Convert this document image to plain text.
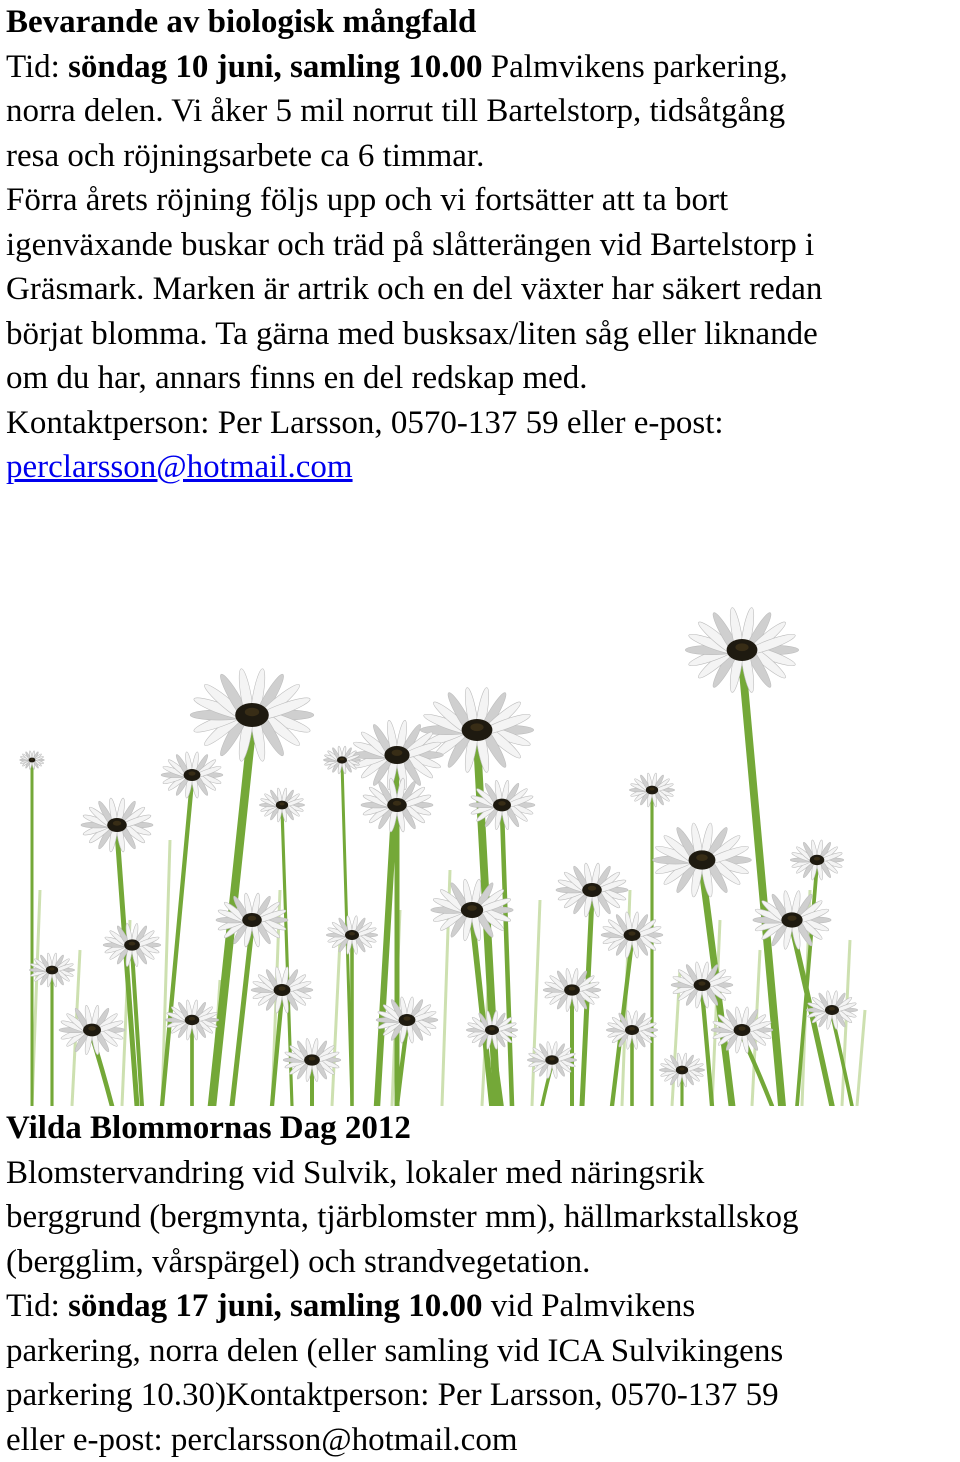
Bevarande av biologisk mångfald
Tid: söndag 10 juni, samling 10.00 Palmvikens parkering,
norra delen. Vi åker 5 mil norrut till Bartelstorp, tidsåtgång
resa och röjningsarbete ca 6 timmar.
Förra årets röjning följs upp och vi fortsätter att ta bort
igenväxande buskar och träd på slåtterängen vid Bartelstorp i
Gräsmark. Marken är artrik och en del växter har säkert redan
börjat blomma. Ta gärna med busksax/liten såg eller liknande
om du har, annars finns en del redskap med.
Kontaktperson: Per Larsson, 0570-137 59 eller e-post:
perclarsson@hotmail.com
Vilda Blommornas Dag 2012
Blomstervandring vid Sulvik, lokaler med näringsrik
berggrund (bergmynta, tjärblomster mm), hällmarkstallskog
(bergglim, vårspärgel) och strandvegetation.
Tid: söndag 17 juni, samling 10.00 vid Palmvikens
parkering, norra delen (eller samling vid ICA Sulvikingens
parkering 10.30)Kontaktperson: Per Larsson, 0570-137 59
eller e-post: perclarsson@hotmail.com
